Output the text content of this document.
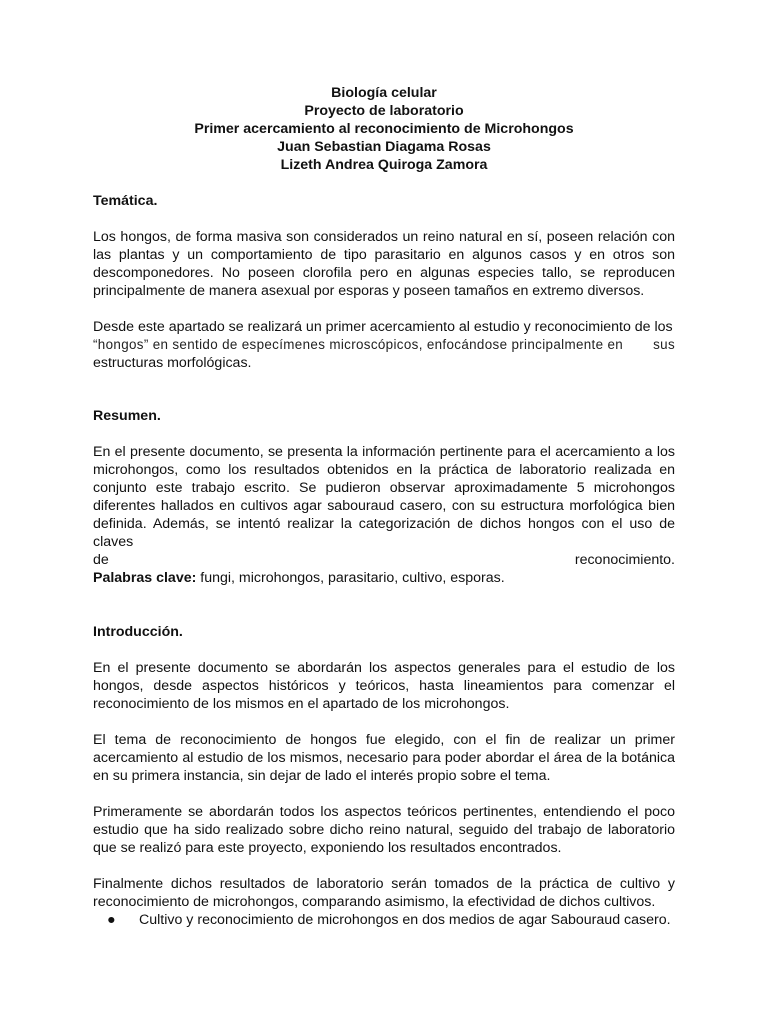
Biología celular
Proyecto de laboratorio
Primer acercamiento al reconocimiento de Microhongos
Juan Sebastian Diagama Rosas
Lizeth Andrea Quiroga Zamora
Temática.

Los hongos, de forma masiva son considerados un reino natural en sí, poseen relación con las plantas y un comportamiento de tipo parasitario en algunos casos y en otros son descomponedores. No poseen clorofila pero en algunas especies tallo, se reproducen principalmente de manera asexual por esporas y poseen tamaños en extremo diversos.

Desde este apartado se realizará un primer acercamiento al estudio y reconocimiento de los
“hongos” en sentido de especímenes microscópicos, enfocándose principalmente en sus
estructuras morfológicas.
Resumen.

En el presente documento, se presenta la información pertinente para el acercamiento a los microhongos, como los resultados obtenidos en la práctica de laboratorio realizada en conjunto este trabajo escrito. Se pudieron observar aproximadamente 5 microhongos diferentes hallados en cultivos agar sabouraud casero, con su estructura morfológica bien definida. Además, se intentó realizar la categorización de dichos hongos con el uso de claves

de	reconocimiento.
Palabras clave: fungi, microhongos, parasitario, cultivo, esporas.
Introducción.

En el presente documento se abordarán los aspectos generales para el estudio de los hongos, desde aspectos históricos y teóricos, hasta lineamientos para comenzar el reconocimiento de los mismos en el apartado de los microhongos.

El tema de reconocimiento de hongos fue elegido, con el fin de realizar un primer acercamiento al estudio de los mismos, necesario para poder abordar el área de la botánica en su primera instancia, sin dejar de lado el interés propio sobre el tema.

Primeramente se abordarán todos los aspectos teóricos pertinentes, entendiendo el poco estudio que ha sido realizado sobre dicho reino natural, seguido del trabajo de laboratorio que se realizó para este proyecto, exponiendo los resultados encontrados.

Finalmente dichos resultados de laboratorio serán tomados de la práctica de cultivo y reconocimiento de microhongos, comparando asimismo, la efectividad de dichos cultivos.

●	Cultivo y reconocimiento de microhongos en dos medios de agar Sabouraud casero.
